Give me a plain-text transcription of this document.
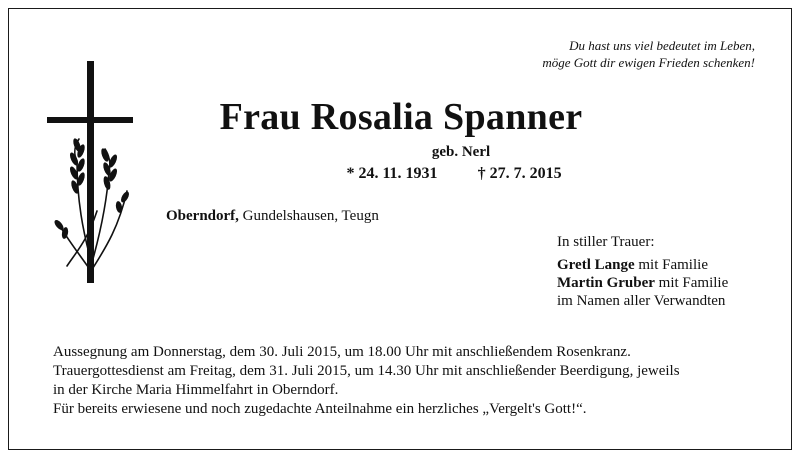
Du hast uns viel bedeutet im Leben,
möge Gott dir ewigen Frieden schenken!
Frau Rosalia Spanner
geb. Nerl
* 24. 11. 1931	† 27. 7. 2015
Oberndorf, Gundelshausen, Teugn
In stiller Trauer:
Gretl Lange mit Familie
Martin Gruber mit Familie
im Namen aller Verwandten

Aussegnung am Donnerstag, dem 30. Juli 2015, um 18.00 Uhr mit anschließendem Rosenkranz.

Trauergottesdienst am Freitag, dem 31. Juli 2015, um 14.30 Uhr mit anschließender Beerdigung, jeweils

in der Kirche Maria Himmelfahrt in Oberndorf.

Für bereits erwiesene und noch zugedachte Anteilnahme ein herzliches „Vergelt's Gott!“.
